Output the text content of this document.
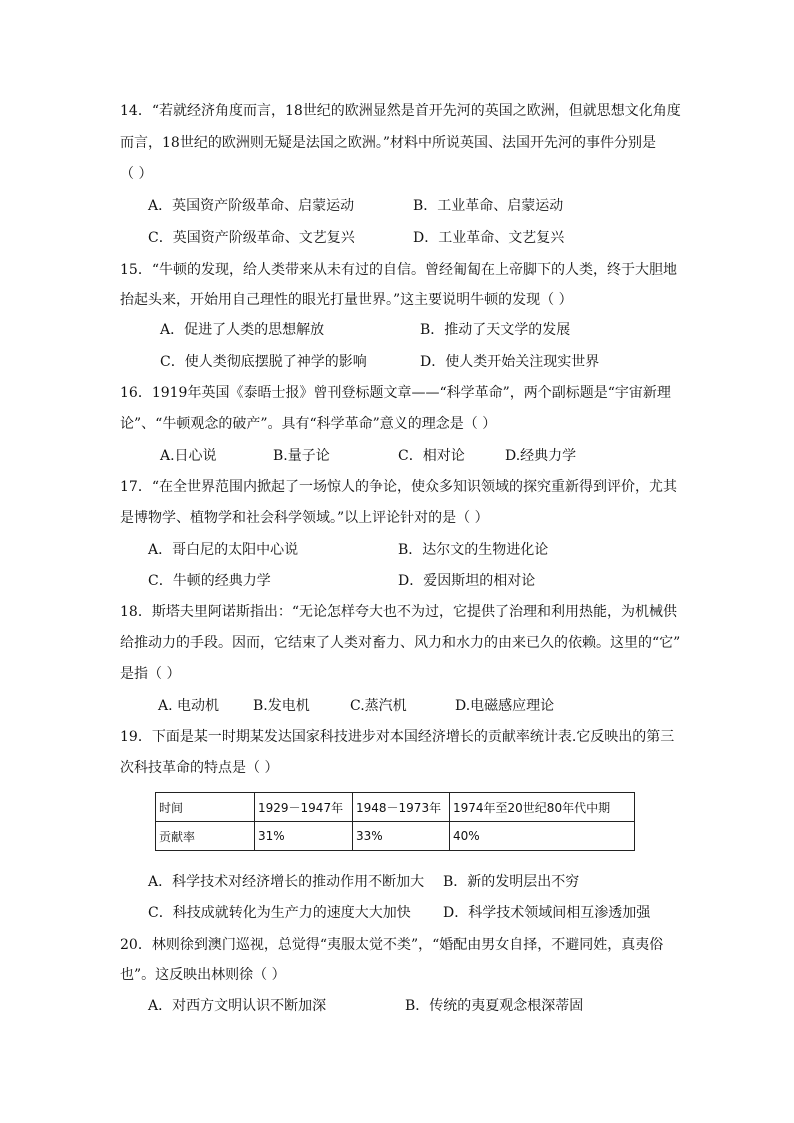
14．“若就经济角度而言，18世纪的欧洲显然是首开先河的英国之欧洲，但就思想文化角度
而言，18世纪的欧洲则无疑是法国之欧洲。”材料中所说英国、法国开先河的事件分别是
（ ）
A．英国资产阶级革命、启蒙运动	B．工业革命、启蒙运动
C．英国资产阶级革命、文艺复兴	D．工业革命、文艺复兴
15．“牛顿的发现，给人类带来从未有过的自信。曾经匍匐在上帝脚下的人类，终于大胆地
抬起头来，开始用自己理性的眼光打量世界。”这主要说明牛顿的发现（ ）
A．促进了人类的思想解放	B．推动了天文学的发展
C．使人类彻底摆脱了神学的影响	D．使人类开始关注现实世界
16．1919年英国《泰晤士报》曾刊登标题文章——“科学革命”，两个副标题是“宇宙新理
论”、“牛顿观念的破产”。具有“科学革命”意义的理念是（ ）
A.日心说	B.量子论	C．相对论	D.经典力学
17．“在全世界范围内掀起了一场惊人的争论，使众多知识领域的探究重新得到评价，尤其
是博物学、植物学和社会科学领域。”以上评论针对的是（ ）
A．哥白尼的太阳中心说	B．达尔文的生物进化论
C．牛顿的经典力学	D．爱因斯坦的相对论
18．斯塔夫里阿诺斯指出：“无论怎样夸大也不为过，它提供了治理和利用热能，为机械供
给推动力的手段。因而，它结束了人类对畜力、风力和水力的由来已久的依赖。这里的“它”
是指（ ）
A. 电动机 B.发电机	C.蒸汽机	D.电磁感应理论
19．下面是某一时期某发达国家科技进步对本国经济增长的贡献率统计表.它反映出的第三
次科技革命的特点是（ ）
时间	1929－1947年	1948－1973年	1974年至20世纪80年代中期
贡献率	31%	33%	40%
A．科学技术对经济增长的推动作用不断加大 B．新的发明层出不穷
C．科技成就转化为生产力的速度大大加快 D．科学技术领域间相互渗透加强
20．林则徐到澳门巡视，总觉得“夷服太觉不类”，“婚配由男女自择，不避同姓，真夷俗
也”。这反映出林则徐（ ）
A．对西方文明认识不断加深	B．传统的夷夏观念根深蒂固
